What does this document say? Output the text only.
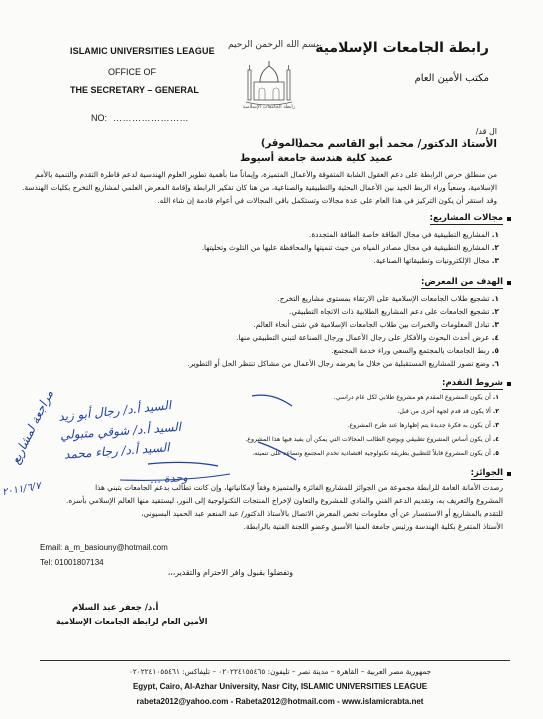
ISLAMIC UNIVERSITIES LEAGUE
OFFICE OF
THE SECRETARY – GENERAL
NO: ……………………
بسم الله الرحمن الرحيم
رابطة الجامعات الإسلامية
مكتب الأمين العام
رابطة الجامعات الإسلامية
ال قد/
الأستاذ الدكتور/ محمد أبو القاسم محمد
(الموقر)
عميد كلية هندسة جامعة أسيوط
من منطلق حرص الرابطة على دعم العقول الشابة المتفوقة والأعمال المتميزة، وإيماناً منا بأهمية تطوير العلوم الهندسية لدعم قاطرة التقدم والتنمية بالأمم
الإسلامية، وسعياً وراء الربط الجيد بين الأعمال البحثية والتطبيقية والصناعية، من هنا كان تفكير الرابطة وإقامة المعرض العلمي لمشاريع التخرج بكليات الهندسة.
وقد استقر أن يكون التركيز في هذا العام على عدة مجالات وتستكمل باقي المجالات في أعوام قادمة إن شاء الله.
مجالات المشاريع:
١. المشاريع التطبيقية في مجال الطاقة خاصة الطاقة المتجددة.
٢. المشاريع التطبيقية في مجال مصادر المياه من حيث تنميتها والمحافظة عليها من التلوث وتحليتها.
٣. مجال الإلكترونيات وتطبيقاتها الصناعية.
الهدف من المعرض:
١. تشجيع طلاب الجامعات الإسلامية على الارتقاء بمستوى مشاريع التخرج.
٢. تشجيع الجامعات على دعم المشاريع الطلابية ذات الاتجاه التطبيقي.
٣. تبادل المعلومات والخبرات بين طلاب الجامعات الإسلامية في شتى أنحاء العالم.
٤. عرض أحدث البحوث والأفكار على رجال الأعمال ورجال الصناعة لتبني التطبيقي منها.
٥. ربط الجامعات بالمجتمع والسعي وراء خدمة المجتمع.
٦. وضع تصور للمشاريع المستقبلية من خلال ما يعرضه رجال الأعمال من مشاكل تنتظر الحل أو التطوير.
شروط التقدم:
١. أن يكون المشروع المقدم هو مشروع طلابي لكل عام دراسي.
٢. ألا يكون قد قدم لجهة أخرى من قبل.
٣. أن يكون به فكرة جديدة يتم إظهارها عند طرح المشروع.
٤. أن يكون أساس المشروع تطبيقي ويوضح الطالب المجالات التي يمكن أن يفيد فيها هذا المشروع.
٥. أن يكون المشروع قابلاً للتطبيق بطريقة تكنولوجية اقتصادية تخدم المجتمع وتساعد على تنميته.
الجوائز:
رصدت الأمانة العامة للرابطة مجموعة من الجوائز للمشاريع الفائزة والمتميزة وفقاً لإمكانياتها، وإن كانت تطالب بدعم الجامعات بتبني هذا
المشروع والتعريف به، وتقديم الدعم الفني والمادي للمشروع والتعاون لإخراج المنتجات التكنولوجية إلى النور، ليستفيد منها العالم الإسلامي بأسره.
للتقدم بالمشاريع أو الاستفسار عن أي معلومات تخص المعرض الاتصال بالأستاذ الدكتور/ عبد المنعم عبد الحميد البسيوني،
الأستاذ المتفرغ بكلية الهندسة ورئيس جامعة المنيا الأسبق وعضو اللجنة الفنية بالرابطة.
Email: a_m_basiouny@hotmail.com
Tel: 01001807134
وتفضلوا بقبول وافر الاحترام والتقدير،،،
أ.د/ جعفر عبد السلام
الأمين العام لرابطة الجامعات الإسلامية
السيد أ.د/ رجال أبو زيد
السيد أ.د/ شوقي متبولي
السيد أ.د/ رجاء محمد
وحدة ...
مراجعة لمشاريع
٢٠١١/٦/٧
جمهورية مصر العربية – القاهرة – مدينة نصر – تليفون: ٠٢٠٢٢٤١٥٥٤٦٥ – تليفاكس: ٠٢٠٢٢٤١٠٥٥٤٦١
Egypt, Cairo, Al-Azhar University, Nasr City, ISLAMIC UNIVERSITIES LEAGUE
rabeta2012@yahoo.com - Rabeta2012@hotmail.com - www.islamicrabta.net
